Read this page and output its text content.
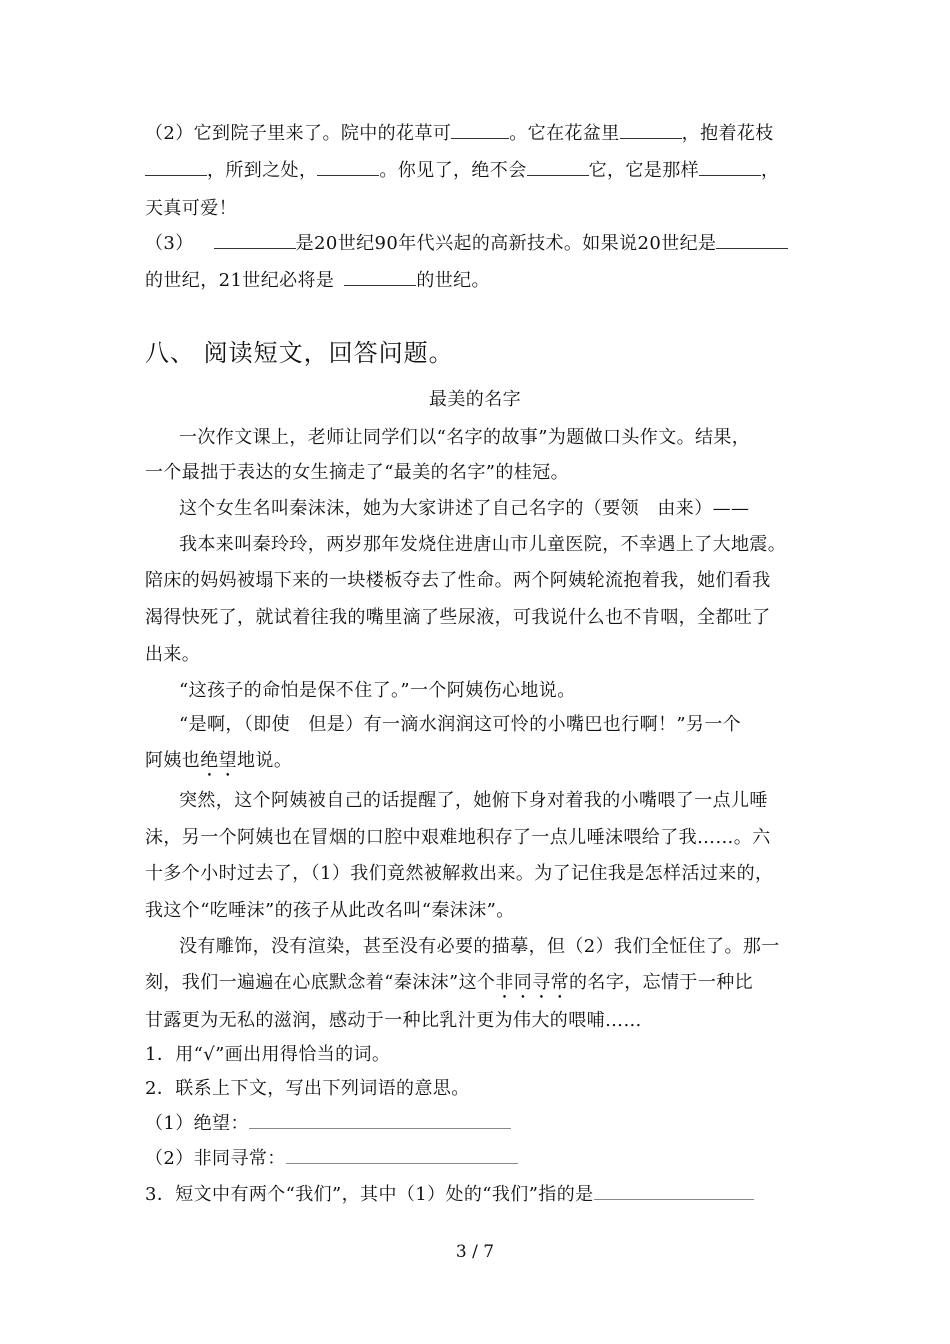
（2）它到院子里来了。院中的花草可	。它在花盆里	，抱着花枝
，所到之处，	。你见了，绝不会	它，它是那样	，
天真可爱！
（3）	是20世纪90年代兴起的高新技术。如果说20世纪是
的世纪，21世纪必将是	的世纪。
八、 阅读短文，回答问题。
最美的名字
一次作文课上，老师让同学们以“名字的故事”为题做口头作文。结果，
一个最拙于表达的女生摘走了“最美的名字”的桂冠。
这个女生名叫秦沫沫，她为大家讲述了自己名字的（要领　由来）——
我本来叫秦玲玲，两岁那年发烧住进唐山市儿童医院，不幸遇上了大地震。
陪床的妈妈被塌下来的一块楼板夺去了性命。两个阿姨轮流抱着我，她们看我
渴得快死了，就试着往我的嘴里滴了些尿液，可我说什么也不肯咽，全都吐了
出来。
“这孩子的命怕是保不住了。”一个阿姨伤心地说。
“是啊，（即使　但是）有一滴水润润这可怜的小嘴巴也行啊！”另一个
阿姨也绝望地说。
突然，这个阿姨被自己的话提醒了，她俯下身对着我的小嘴喂了一点儿唾
沫，另一个阿姨也在冒烟的口腔中艰难地积存了一点儿唾沫喂给了我……。六
十多个小时过去了，（1）我们竟然被解救出来。为了记住我是怎样活过来的，
我这个“吃唾沫”的孩子从此改名叫“秦沫沫”。
没有雕饰，没有渲染，甚至没有必要的描摹，但（2）我们全怔住了。那一
刻，我们一遍遍在心底默念着“秦沫沫”这个非同寻常的名字，忘情于一种比
甘露更为无私的滋润，感动于一种比乳汁更为伟大的喂哺……
1．用“√”画出用得恰当的词。
2．联系上下文，写出下列词语的意思。
（1）绝望：
（2）非同寻常：
3．短文中有两个“我们”，其中（1）处的“我们”指的是
3 / 7
